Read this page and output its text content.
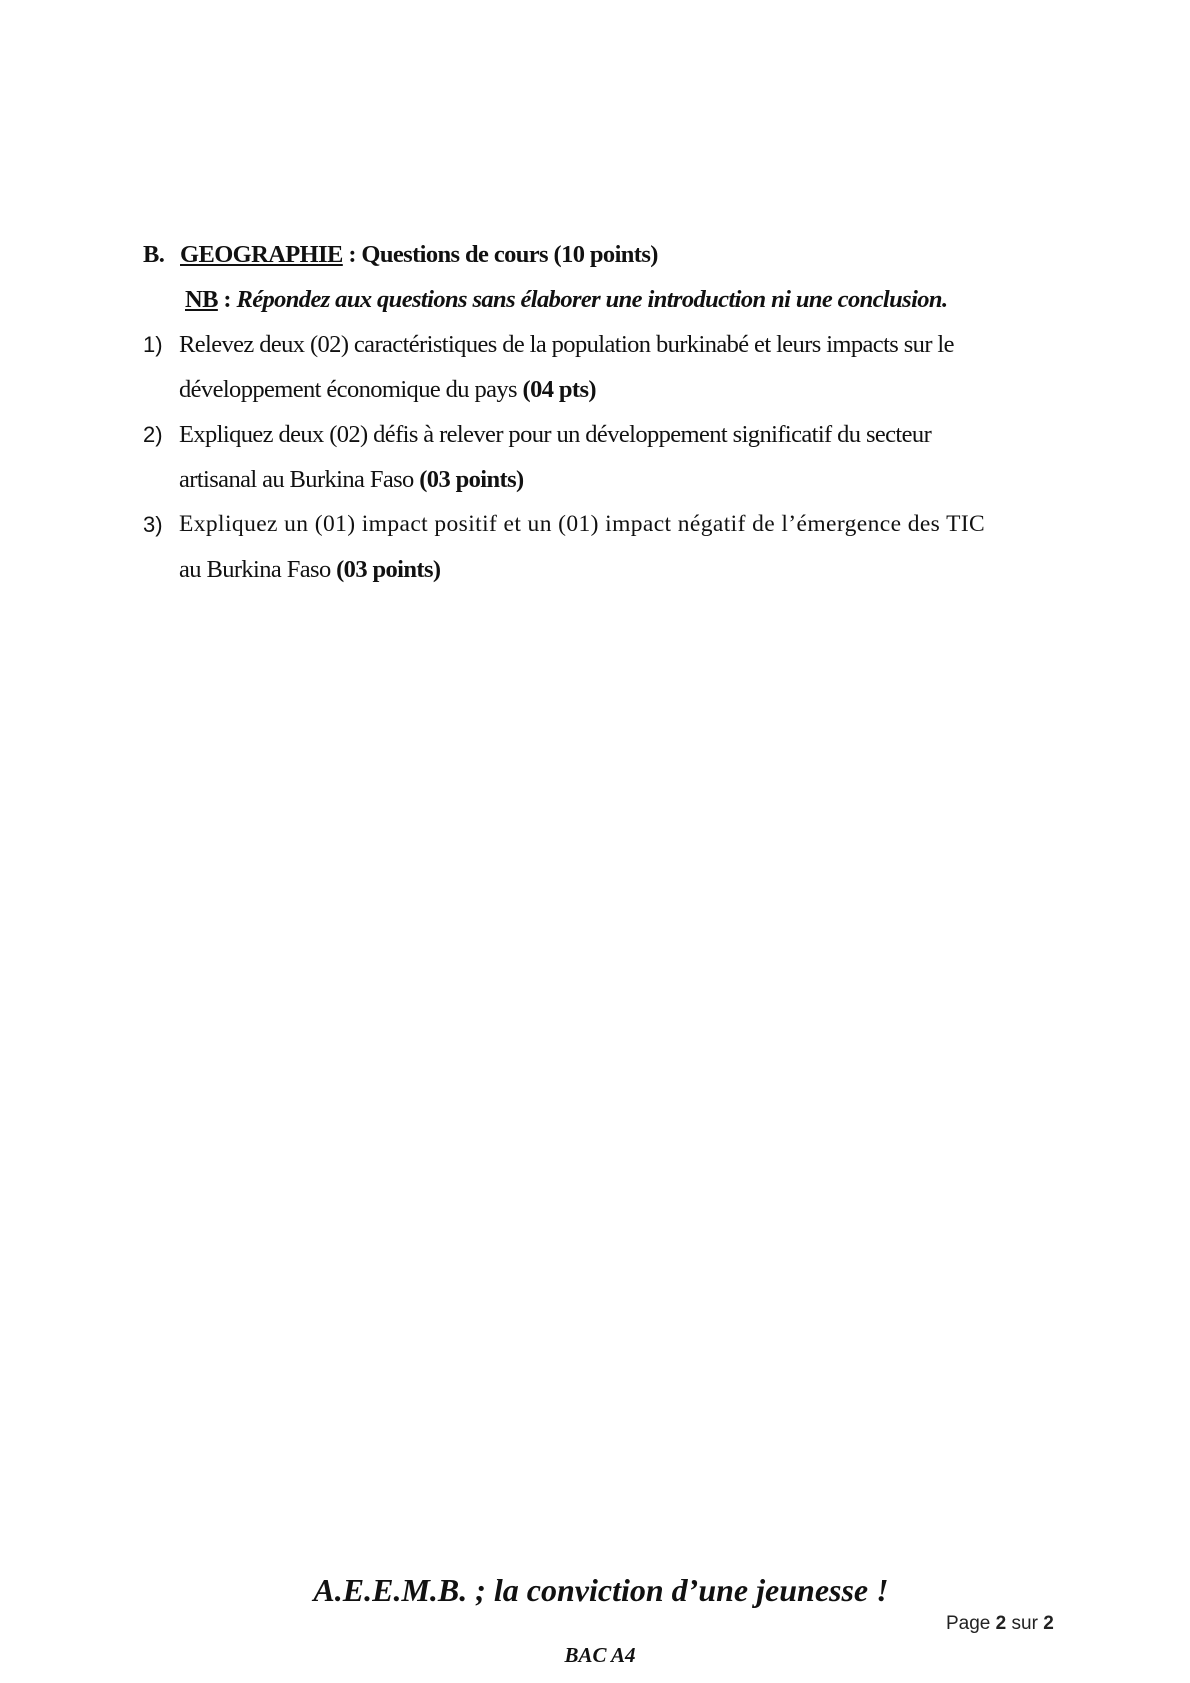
B. GEOGRAPHIE : Questions de cours (10 points)
NB : Répondez aux questions sans élaborer une introduction ni une conclusion.
1) Relevez deux (02) caractéristiques de la population burkinabé et leurs impacts sur le
développement économique du pays (04 pts)
2) Expliquez deux (02) défis à relever pour un développement significatif du secteur
artisanal au Burkina Faso (03 points)
3) Expliquez un (01) impact positif et un (01) impact négatif de l’émergence des TIC
au Burkina Faso (03 points)
A.E.E.M.B. ; la conviction d’une jeunesse !
Page 2 sur 2
BAC A4
